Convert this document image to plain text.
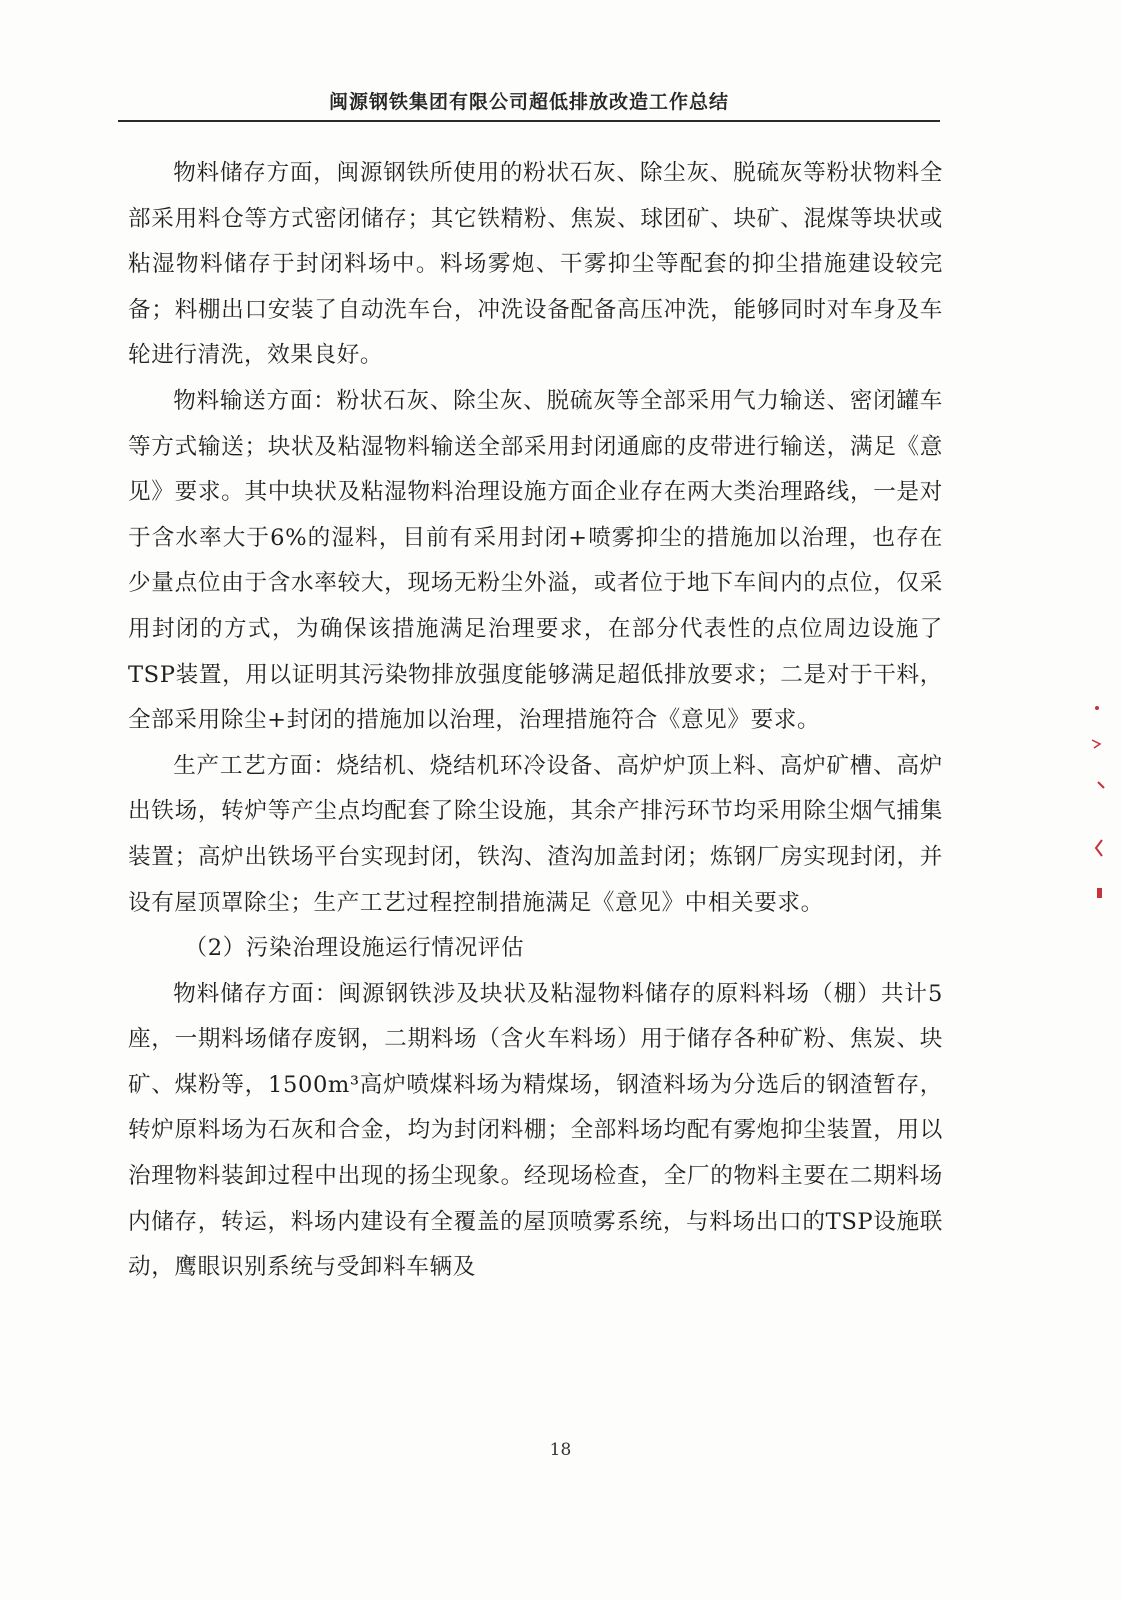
闽源钢铁集团有限公司超低排放改造工作总结

物料储存方面，闽源钢铁所使用的粉状石灰、除尘灰、脱硫灰等粉状物料全部采用料仓等方式密闭储存；其它铁精粉、焦炭、球团矿、块矿、混煤等块状或粘湿物料储存于封闭料场中。料场雾炮、干雾抑尘等配套的抑尘措施建设较完备；料棚出口安装了自动洗车台，冲洗设备配备高压冲洗，能够同时对车身及车轮进行清洗，效果良好。

物料输送方面：粉状石灰、除尘灰、脱硫灰等全部采用气力输送、密闭罐车等方式输送；块状及粘湿物料输送全部采用封闭通廊的皮带进行输送，满足《意见》要求。其中块状及粘湿物料治理设施方面企业存在两大类治理路线，一是对于含水率大于6%的湿料，目前有采用封闭+喷雾抑尘的措施加以治理，也存在少量点位由于含水率较大，现场无粉尘外溢，或者位于地下车间内的点位，仅采用封闭的方式，为确保该措施满足治理要求，在部分代表性的点位周边设施了TSP装置，用以证明其污染物排放强度能够满足超低排放要求；二是对于干料，全部采用除尘+封闭的措施加以治理，治理措施符合《意见》要求。

生产工艺方面：烧结机、烧结机环冷设备、高炉炉顶上料、高炉矿槽、高炉出铁场，转炉等产尘点均配套了除尘设施，其余产排污环节均采用除尘烟气捕集装置；高炉出铁场平台实现封闭，铁沟、渣沟加盖封闭；炼钢厂房实现封闭，并设有屋顶罩除尘；生产工艺过程控制措施满足《意见》中相关要求。

（2）污染治理设施运行情况评估

物料储存方面：闽源钢铁涉及块状及粘湿物料储存的原料料场（棚）共计5座，一期料场储存废钢，二期料场（含火车料场）用于储存各种矿粉、焦炭、块矿、煤粉等，1500m³高炉喷煤料场为精煤场，钢渣料场为分选后的钢渣暂存，转炉原料场为石灰和合金，均为封闭料棚；全部料场均配有雾炮抑尘装置，用以治理物料装卸过程中出现的扬尘现象。经现场检查，全厂的物料主要在二期料场内储存，转运，料场内建设有全覆盖的屋顶喷雾系统，与料场出口的TSP设施联动，鹰眼识别系统与受卸料车辆及

18
